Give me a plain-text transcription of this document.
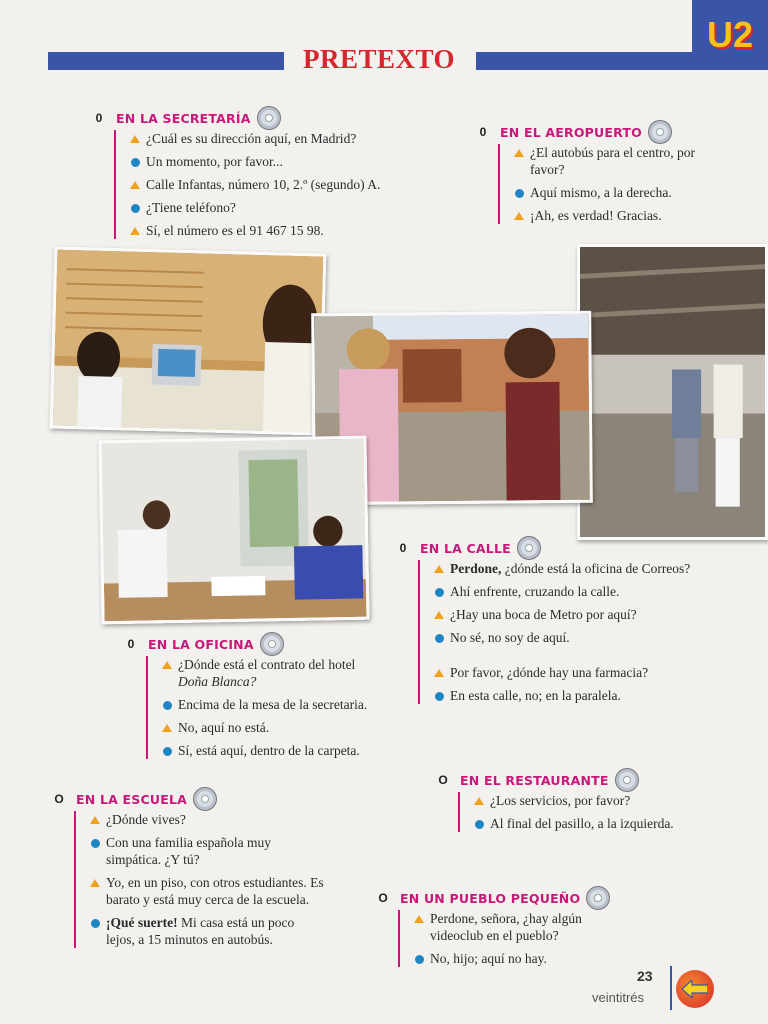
PRETEXTO
U2
0 EN LA SECRETARÍA
¿Cuál es su dirección aquí, en Madrid?
Un momento, por favor...
Calle Infantas, número 10, 2.º (segundo) A.
¿Tiene teléfono?
Sí, el número es el 91 467 15 98.
0 EN EL AEROPUERTO
¿El autobús para el centro, por favor?
Aquí mismo, a la derecha.
¡Ah, es verdad! Gracias.
0 EN LA CALLE
Perdone, ¿dónde está la oficina de Correos?
Ahí enfrente, cruzando la calle.
¿Hay una boca de Metro por aquí?
No sé, no soy de aquí.
Por favor, ¿dónde hay una farmacia?
En esta calle, no; en la paralela.
0 EN LA OFICINA
¿Dónde está el contrato del hotel
Doña Blanca?
Encima de la mesa de la secretaria.
No, aquí no está.
Sí, está aquí, dentro de la carpeta.
O EN EL RESTAURANTE
¿Los servicios, por favor?
Al final del pasillo, a la izquierda.
O EN LA ESCUELA
¿Dónde vives?
Con una familia española muy simpática. ¿Y tú?
Yo, en un piso, con otros estudiantes. Es barato y está muy cerca de la escuela.
¡Qué suerte! Mi casa está un poco lejos, a 15 minutos en autobús.
O EN UN PUEBLO PEQUEÑO
Perdone, señora, ¿hay algún videoclub en el pueblo?
No, hijo; aquí no hay.
23
veintitrés
